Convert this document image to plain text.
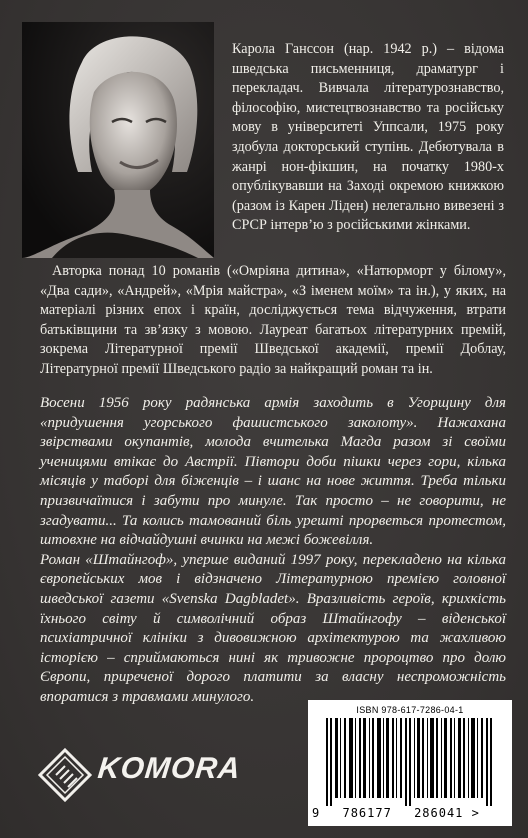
Карола Ганссон (нар. 1942 р.) – відома шведська письменниця, драматург і перекладач. Вивчала літературознавство, філософію, мистецтвознавство та російську мову в університеті Уппсали, 1975 року здобула докторський ступінь. Дебютувала в жанрі нон-фікшин, на початку 1980-х опублікувавши на Заході окремою книжкою (разом із Карен Ліден) нелегально вивезені з СРСР інтерв’ю з російськими жінками.
Авторка понад 10 романів («Омріяна дитина», «Натюрморт у білому», «Два сади», «Андрей», «Мрія майстра», «З іменем моїм» та ін.), у яких, на матеріалі різних епох і країн, досліджується тема відчуження, втрати батьківщини та зв’язку з мовою. Лауреат багатьох літературних премій, зокрема Літературної премії Шведської академії, премії Доблау, Літературної премії Шведського радіо за найкращий роман та ін.

Восени 1956 року радянська армія заходить в Угорщину для «придушення угорського фашистського заколоту». Нажахана звірствами окупантів, молода вчителька Магда разом зі своїми ученицями втікає до Австрії. Півтори доби пішки через гори, кілька місяців у таборі для біженців – і шанс на нове життя. Треба тільки призвичаїтися і забути про минуле. Так просто – не говорити, не згадувати... Та колись тамований біль урешті прорветься протестом, штовхне на відчайдушні вчинки на межі божевілля.

Роман «Штайнгоф», уперше виданий 1997 року, перекладено на кілька європейських мов і відзначено Літературною премією головної шведської газети «Svenska Dagbladet». Вразливість героїв, крихкість їхнього світу й символічний образ Штайнгофу – віденської психіатричної клініки з дивовижною архітектурою та жахливою історією – сприймаються нині як тривожне пророцтво про долю Європи, приреченої дорого платити за власну неспроможність впоратися з травмами минулого.

KOMORA
ISBN 978-617-7286-04-1
9 786177 286041 >
